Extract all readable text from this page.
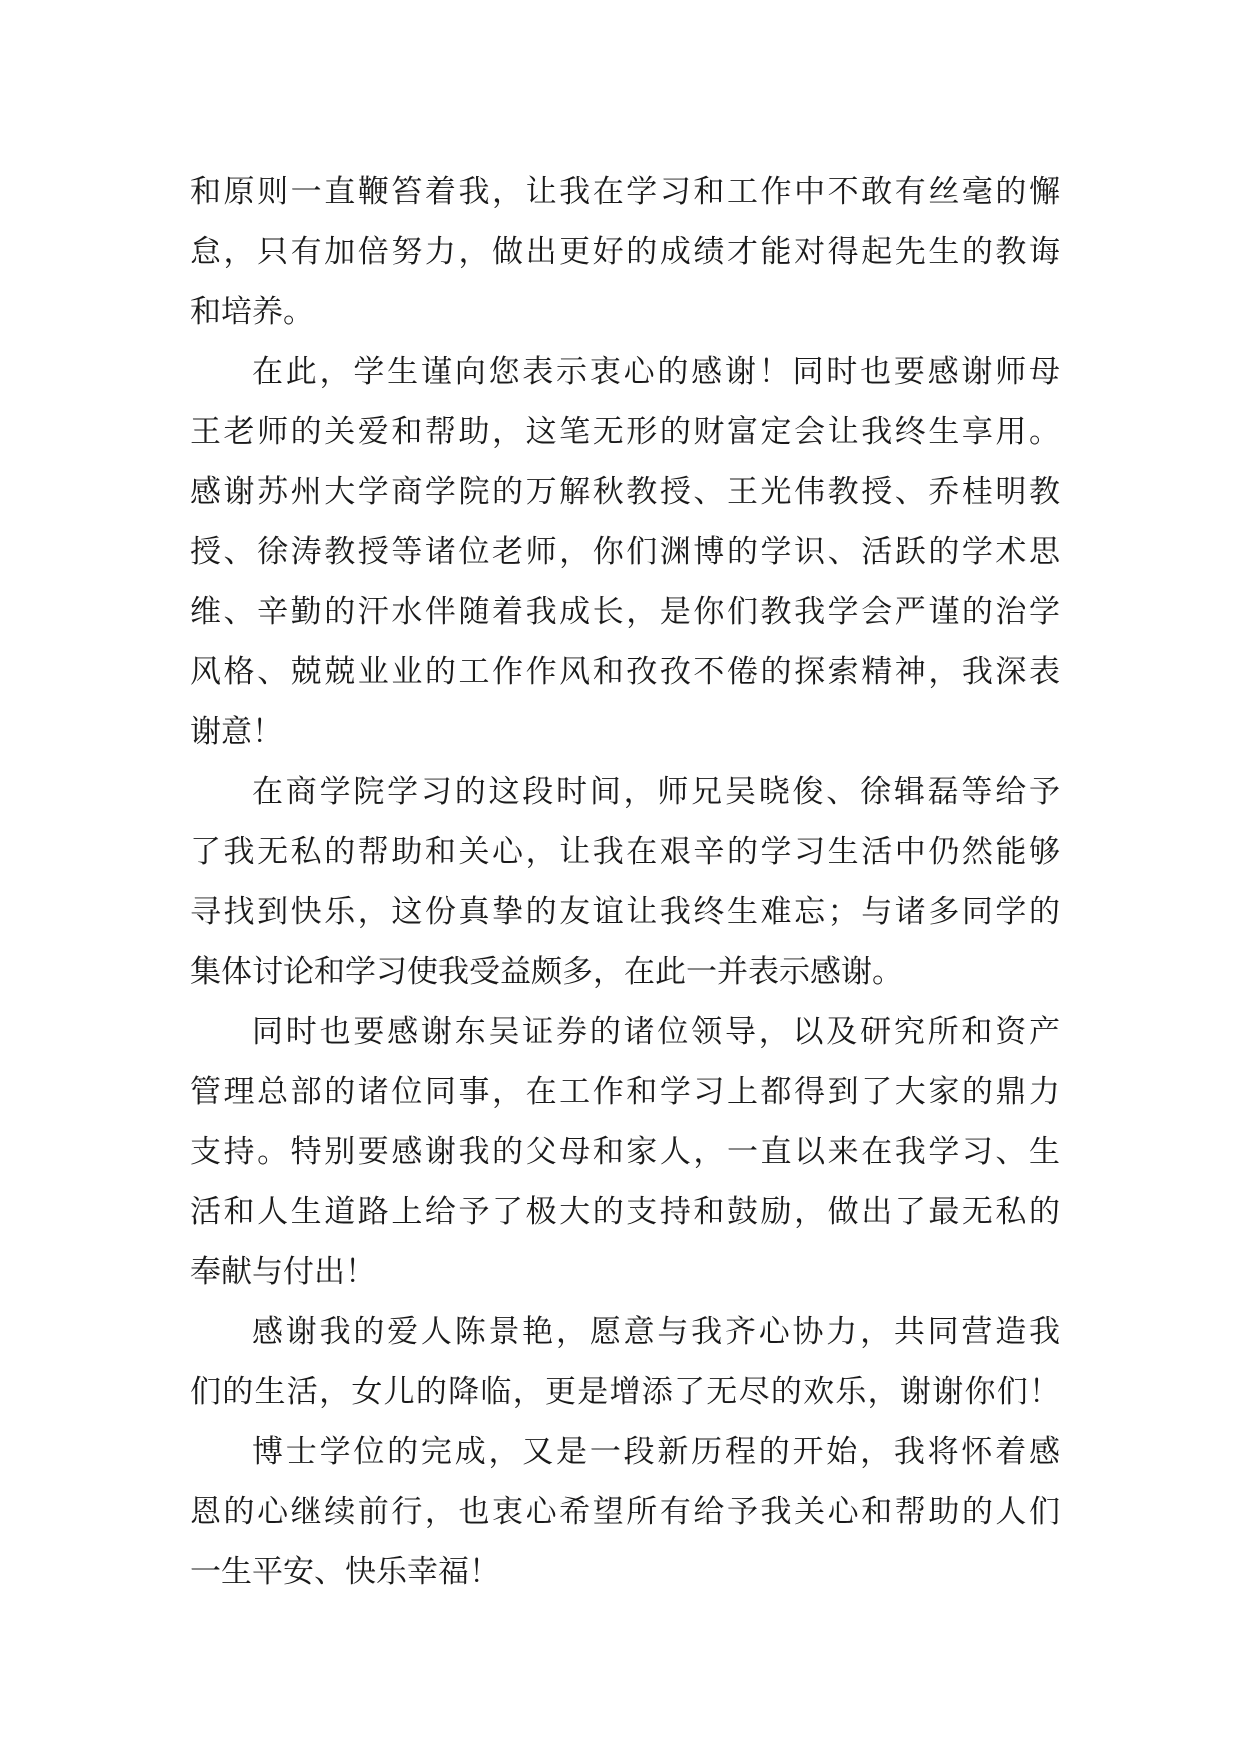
和原则一直鞭笞着我，让我在学习和工作中不敢有丝毫的懈
怠，只有加倍努力，做出更好的成绩才能对得起先生的教诲
和培养。
在此，学生谨向您表示衷心的感谢！同时也要感谢师母
王老师的关爱和帮助，这笔无形的财富定会让我终生享用。
感谢苏州大学商学院的万解秋教授、王光伟教授、乔桂明教
授、徐涛教授等诸位老师，你们渊博的学识、活跃的学术思
维、辛勤的汗水伴随着我成长，是你们教我学会严谨的治学
风格、兢兢业业的工作作风和孜孜不倦的探索精神，我深表
谢意！
在商学院学习的这段时间，师兄吴晓俊、徐辑磊等给予
了我无私的帮助和关心，让我在艰辛的学习生活中仍然能够
寻找到快乐，这份真挚的友谊让我终生难忘；与诸多同学的
集体讨论和学习使我受益颇多，在此一并表示感谢。
同时也要感谢东吴证券的诸位领导，以及研究所和资产
管理总部的诸位同事，在工作和学习上都得到了大家的鼎力
支持。特别要感谢我的父母和家人，一直以来在我学习、生
活和人生道路上给予了极大的支持和鼓励，做出了最无私的
奉献与付出！
感谢我的爱人陈景艳，愿意与我齐心协力，共同营造我
们的生活，女儿的降临，更是增添了无尽的欢乐，谢谢你们！
博士学位的完成，又是一段新历程的开始，我将怀着感
恩的心继续前行，也衷心希望所有给予我关心和帮助的人们
一生平安、快乐幸福！
